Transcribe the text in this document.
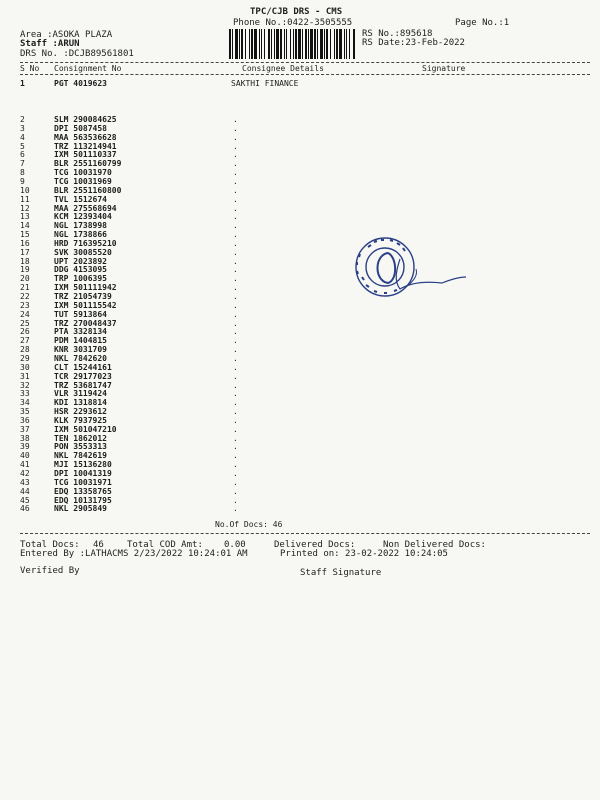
TPC/CJB DRS - CMS
Phone No.:0422-3505555	Page No.:1
Area :ASOKA PLAZA
Staff :ARUN
DRS No. :DCJB89561801
RS No.:895618
RS Date:23-Feb-2022
S No Consignment No	Consignee Details	Signature
1	PGT 4019623	SAKTHI FINANCE
2	SLM 290084625	.
3	DPI 5087458	.
4	MAA 563536628	.
5	TRZ 113214941	.
6	IXM 501110337	.
7	BLR 2551160799	.
8	TCG 10031970	.
9	TCG 10031969	.
10	BLR 2551160800	.
11	TVL 1512674	.
12	MAA 275568694	.
13	KCM 12393404	.
14	NGL 1738998	.
15	NGL 1738866	.
16	HRD 716395210	.
17	SVK 30085520	.
18	UPT 2023892	.
19	DDG 4153095	.
20	TRP 1006395	.
21	IXM 501111942	.
22	TRZ 21054739	.
23	IXM 501115542	.
24	TUT 5913864	.
25	TRZ 270048437	.
26	PTA 3328134	.
27	PDM 1404815	.
28	KNR 3031709	.
29	NKL 7842620	.
30	CLT 15244161	.
31	TCR 29177023	.
32	TRZ 53681747	.
33	VLR 3119424	.
34	KDI 1318814	.
35	HSR 2293612	.
36	KLK 7937925	.
37	IXM 501047210	.
38	TEN 1862012	.
39	PON 3553313	.
40	NKL 7842619	.
41	MJI 15136280	.
42	DPI 10041319	.
43	TCG 10031971	.
44	EDQ 13358765	.
45	EDQ 10131795	.
46	NKL 2905849	.
No.Of Docs: 46
Total Docs: 46	Total COD Amt: 0.00	Delivered Docs:	Non Delivered Docs:
Entered By :LATHACMS 2/23/2022 10:24:01 AM	Printed on: 23-02-2022 10:24:05
Verified By	Staff Signature
